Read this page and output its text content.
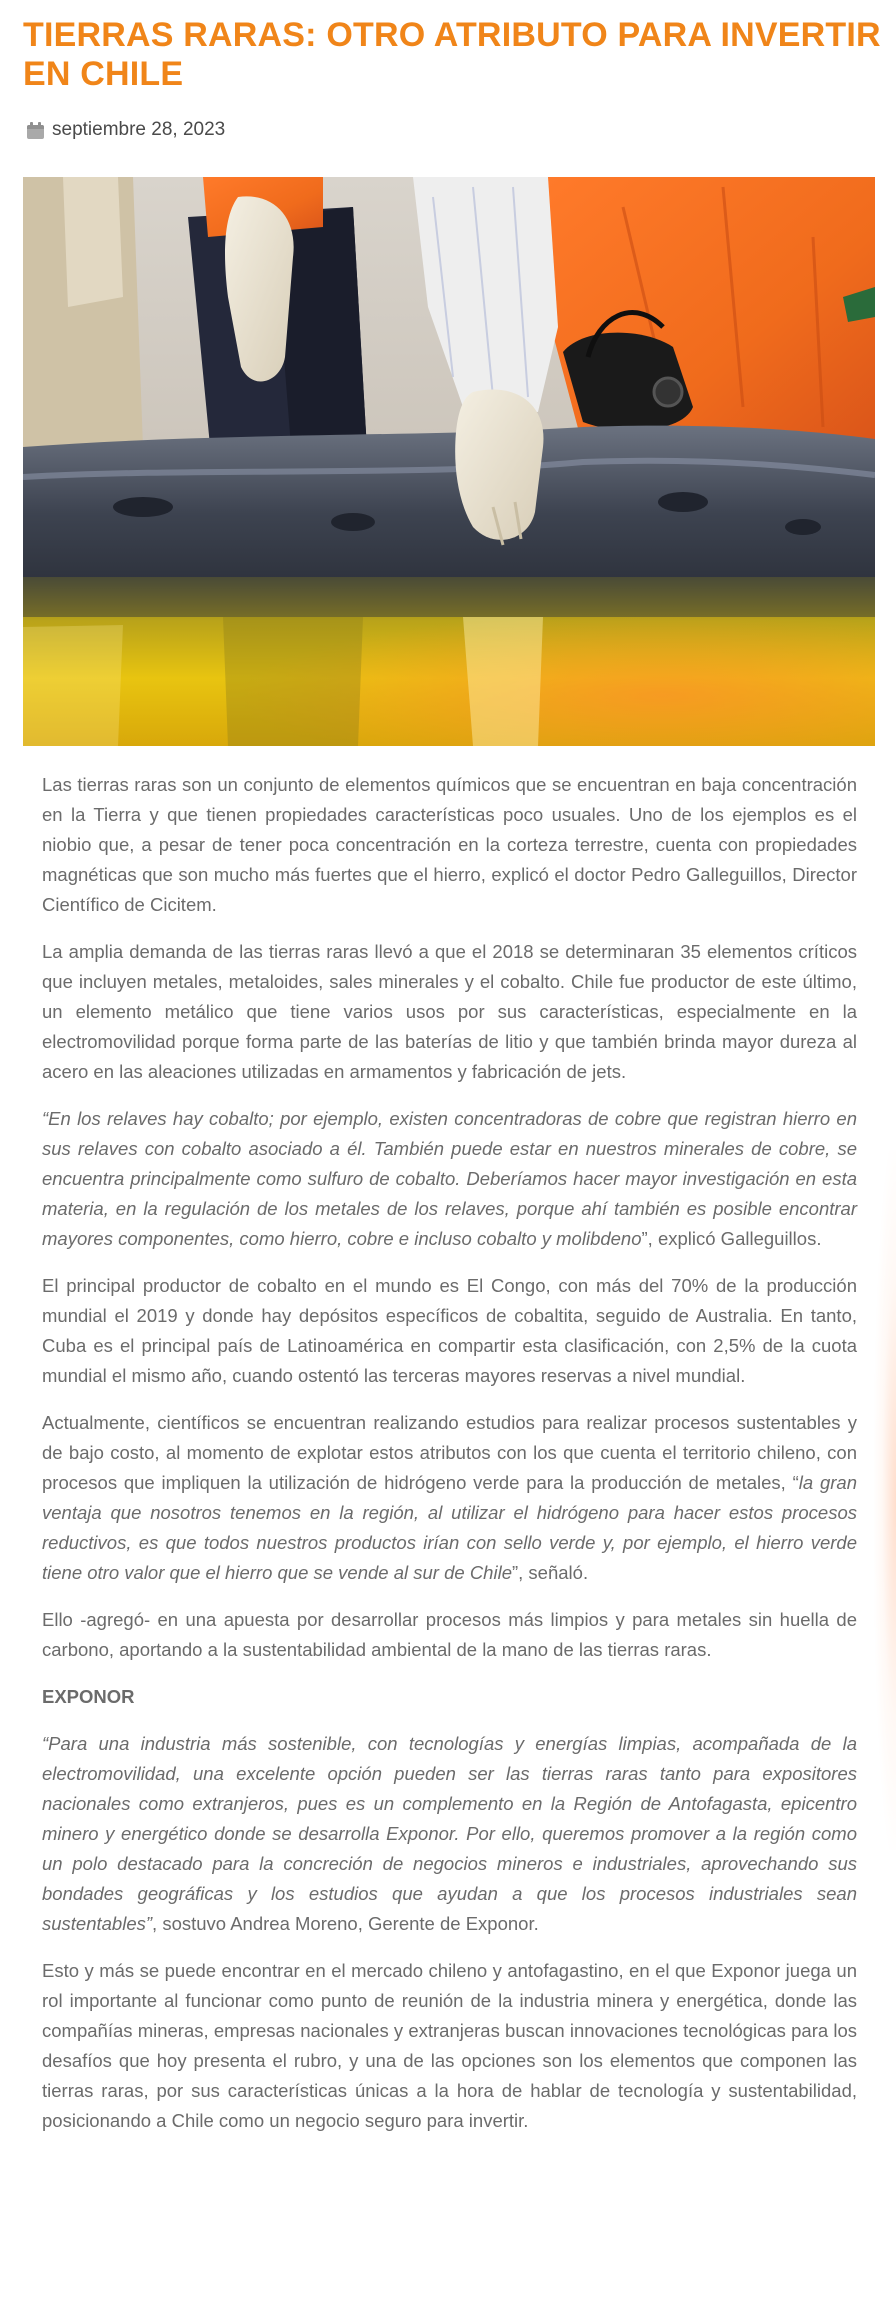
TIERRAS RARAS: OTRO ATRIBUTO PARA INVERTIR EN CHILE
septiembre 28, 2023

Las tierras raras son un conjunto de elementos químicos que se encuentran en baja concentración en la Tierra y que tienen propiedades características poco usuales. Uno de los ejemplos es el niobio que, a pesar de tener poca concentración en la corteza terrestre, cuenta con propiedades magnéticas que son mucho más fuertes que el hierro, explicó el doctor Pedro Galleguillos, Director Científico de Cicitem.

La amplia demanda de las tierras raras llevó a que el 2018 se determinaran 35 elementos críticos que incluyen metales, metaloides, sales minerales y el cobalto. Chile fue productor de este último, un elemento metálico que tiene varios usos por sus características, especialmente en la electromovilidad porque forma parte de las baterías de litio y que también brinda mayor dureza al acero en las aleaciones utilizadas en armamentos y fabricación de jets.

“En los relaves hay cobalto; por ejemplo, existen concentradoras de cobre que registran hierro en sus relaves con cobalto asociado a él. También puede estar en nuestros minerales de cobre, se encuentra principalmente como sulfuro de cobalto. Deberíamos hacer mayor investigación en esta materia, en la regulación de los metales de los relaves, porque ahí también es posible encontrar mayores componentes, como hierro, cobre e incluso cobalto y molibdeno”, explicó Galleguillos.

El principal productor de cobalto en el mundo es El Congo, con más del 70% de la producción mundial el 2019 y donde hay depósitos específicos de cobaltita, seguido de Australia. En tanto, Cuba es el principal país de Latinoamérica en compartir esta clasificación, con 2,5% de la cuota mundial el mismo año, cuando ostentó las terceras mayores reservas a nivel mundial.

Actualmente, científicos se encuentran realizando estudios para realizar procesos sustentables y de bajo costo, al momento de explotar estos atributos con los que cuenta el territorio chileno, con procesos que impliquen la utilización de hidrógeno verde para la producción de metales, “la gran ventaja que nosotros tenemos en la región, al utilizar el hidrógeno para hacer estos procesos reductivos, es que todos nuestros productos irían con sello verde y, por ejemplo, el hierro verde tiene otro valor que el hierro que se vende al sur de Chile”, señaló.

Ello -agregó- en una apuesta por desarrollar procesos más limpios y para metales sin huella de carbono, aportando a la sustentabilidad ambiental de la mano de las tierras raras.

EXPONOR

“Para una industria más sostenible, con tecnologías y energías limpias, acompañada de la electromovilidad, una excelente opción pueden ser las tierras raras tanto para expositores nacionales como extranjeros, pues es un complemento en la Región de Antofagasta, epicentro minero y energético donde se desarrolla Exponor. Por ello, queremos promover a la región como un polo destacado para la concreción de negocios mineros e industriales, aprovechando sus bondades geográficas y los estudios que ayudan a que los procesos industriales sean sustentables”, sostuvo Andrea Moreno, Gerente de Exponor.

Esto y más se puede encontrar en el mercado chileno y antofagastino, en el que Exponor juega un rol importante al funcionar como punto de reunión de la industria minera y energética, donde las compañías mineras, empresas nacionales y extranjeras buscan innovaciones tecnológicas para los desafíos que hoy presenta el rubro, y una de las opciones son los elementos que componen las tierras raras, por sus características únicas a la hora de hablar de tecnología y sustentabilidad, posicionando a Chile como un negocio seguro para invertir.
